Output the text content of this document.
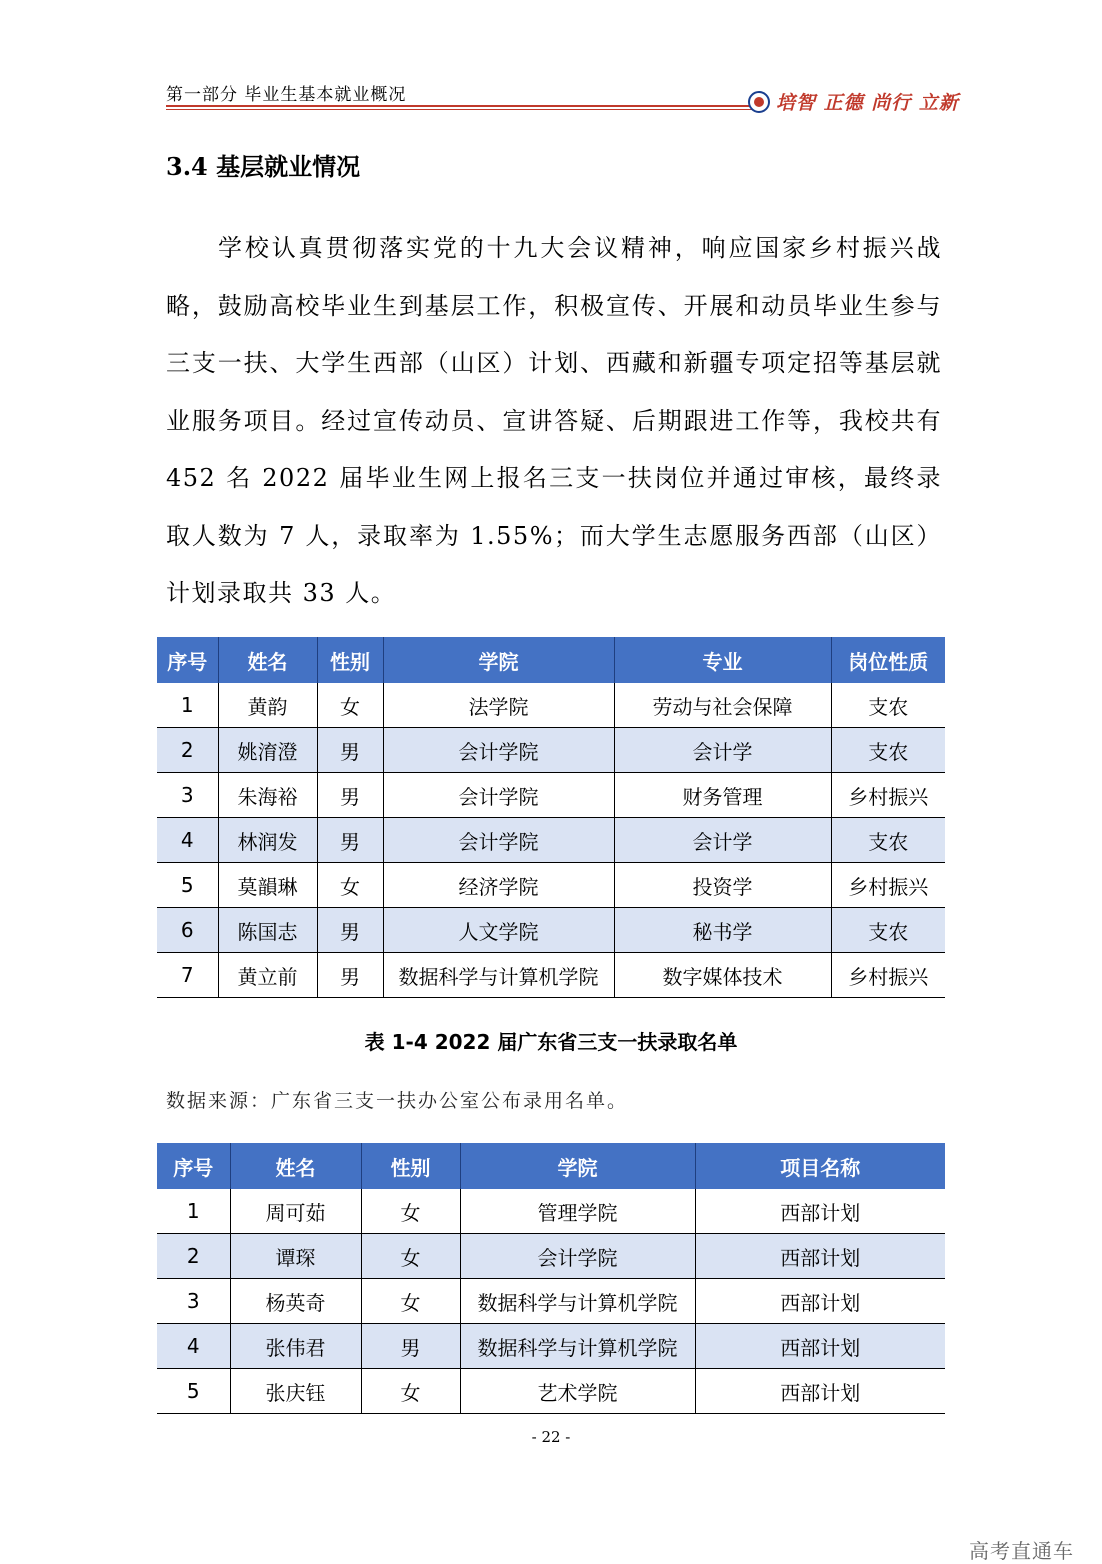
第一部分 毕业生基本就业概况	培智 正德 尚行 立新
3.4 基层就业情况
学校认真贯彻落实党的十九大会议精神，响应国家乡村振兴战略，鼓励高校毕业生到基层工作，积极宣传、开展和动员毕业生参与三支一扶、大学生西部（山区）计划、西藏和新疆专项定招等基层就业服务项目。经过宣传动员、宣讲答疑、后期跟进工作等，我校共有 452 名 2022 届毕业生网上报名三支一扶岗位并通过审核，最终录取人数为 7 人，录取率为 1.55%；而大学生志愿服务西部（山区）计划录取共 33 人。
序号	姓名	性别	学院	专业	岗位性质
1	黄韵	女	法学院	劳动与社会保障	支农
2	姚淯澄	男	会计学院	会计学	支农
3	朱海裕	男	会计学院	财务管理	乡村振兴
4	林润发	男	会计学院	会计学	支农
5	莫韻琳	女	经济学院	投资学	乡村振兴
6	陈国志	男	人文学院	秘书学	支农
7	黄立前	男	数据科学与计算机学院	数字媒体技术	乡村振兴
表 1-4 2022 届广东省三支一扶录取名单
数据来源：广东省三支一扶办公室公布录用名单。
序号	姓名	性别	学院	项目名称
1	周可茹	女	管理学院	西部计划
2	谭琛	女	会计学院	西部计划
3	杨英奇	女	数据科学与计算机学院	西部计划
4	张伟君	男	数据科学与计算机学院	西部计划
5	张庆钰	女	艺术学院	西部计划
- 22 -
高考直通车
